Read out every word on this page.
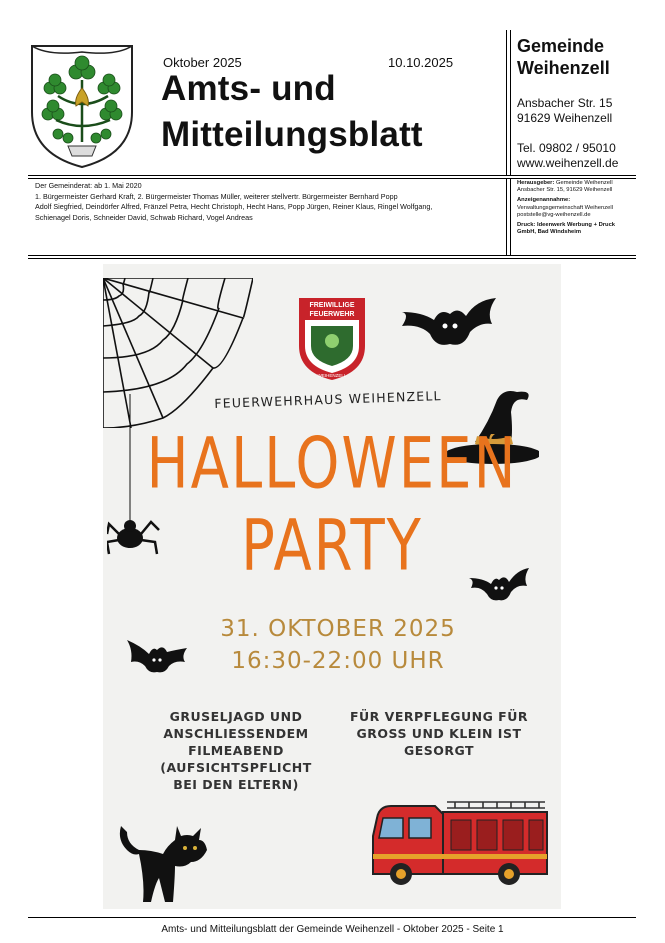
Oktober 2025	10.10.2025
Amts- und
Mitteilungsblatt
Gemeinde
Weihenzell
Ansbacher Str. 15
91629 Weihenzell
Tel. 09802 / 95010
www.weihenzell.de
Der Gemeinderat: ab 1. Mai 2020
1. Bürgermeister Gerhard Kraft, 2. Bürgermeister Thomas Müller, weiterer stellvertr. Bürgermeister Bernhard Popp
Adolf Siegfried, Deindörfer Alfred, Fränzel Petra, Hecht Christoph, Hecht Hans, Popp Jürgen, Reiner Klaus, Ringel Wolfgang,
Schienagel Doris, Schneider David, Schwab Richard, Vogel Andreas
Herausgeber: Gemeinde Weihenzell
Ansbacher Str. 15, 91629 Weihenzell
Anzeigenannahme:
Verwaltungsgemeinschaft Weihenzell
poststelle@vg-weihenzell.de
Druck: Ideenwerk Werbung + Druck GmbH, Bad Windsheim
FREIWILLIGE
FEUERWEHR
WEIHENZELL
FEUERWEHRHAUS WEIHENZELL
HALLOWEEN
PARTY
31. OKTOBER 2025
16:30-22:00 UHR
GRUSELJAGD UND
ANSCHLIESSENDEM
FILMEABEND
(AUFSICHTSPFLICHT
BEI DEN ELTERN)
FÜR VERPFLEGUNG FÜR
GROSS UND KLEIN IST
GESORGT
Amts- und Mitteilungsblatt der Gemeinde Weihenzell - Oktober 2025 - Seite 1
